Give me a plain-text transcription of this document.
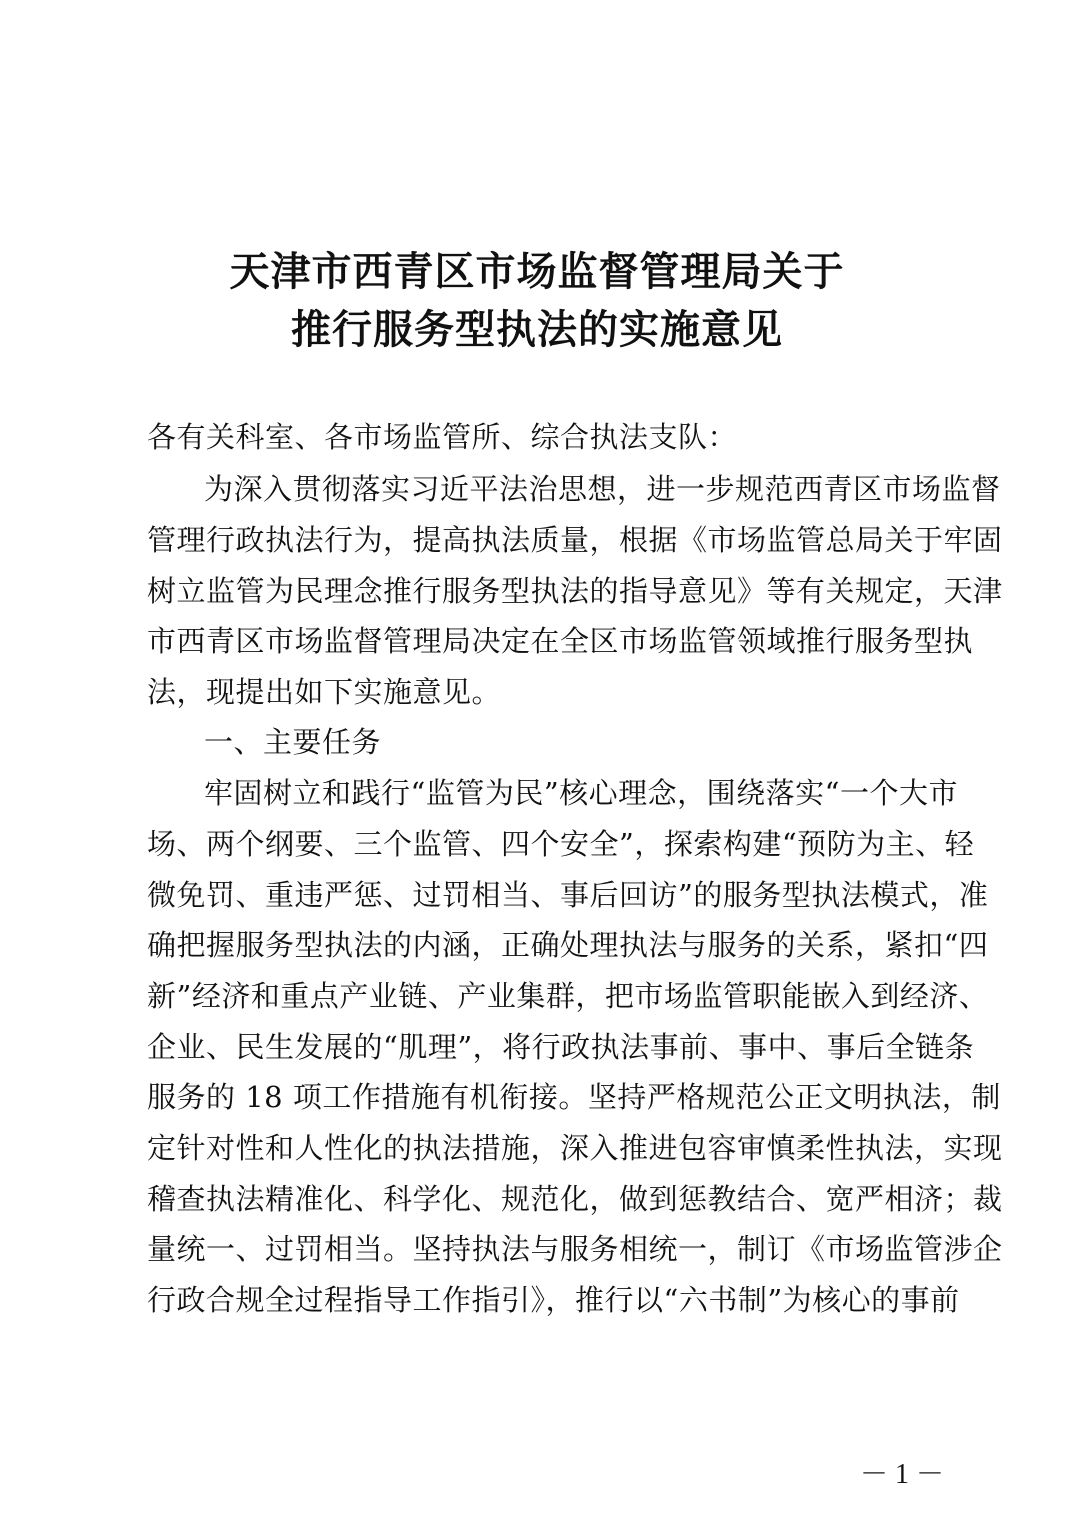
天津市西青区市场监督管理局关于
推行服务型执法的实施意见
各有关科室、各市场监管所、综合执法支队：
为深入贯彻落实习近平法治思想，进一步规范西青区市场监督
管理行政执法行为，提高执法质量，根据《市场监管总局关于牢固
树立监管为民理念推行服务型执法的指导意见》等有关规定，天津
市西青区市场监督管理局决定在全区市场监管领域推行服务型执
法，现提出如下实施意见。
一、主要任务
牢固树立和践行“监管为民”核心理念，围绕落实“一个大市
场、两个纲要、三个监管、四个安全”，探索构建“预防为主、轻
微免罚、重违严惩、过罚相当、事后回访”的服务型执法模式，准
确把握服务型执法的内涵，正确处理执法与服务的关系，紧扣“四
新”经济和重点产业链、产业集群，把市场监管职能嵌入到经济、
企业、民生发展的“肌理”，将行政执法事前、事中、事后全链条
服务的 18 项工作措施有机衔接。坚持严格规范公正文明执法，制
定针对性和人性化的执法措施，深入推进包容审慎柔性执法，实现
稽查执法精准化、科学化、规范化，做到惩教结合、宽严相济；裁
量统一、过罚相当。坚持执法与服务相统一，制订《市场监管涉企
行政合规全过程指导工作指引》，推行以“六书制”为核心的事前
－ 1 －
